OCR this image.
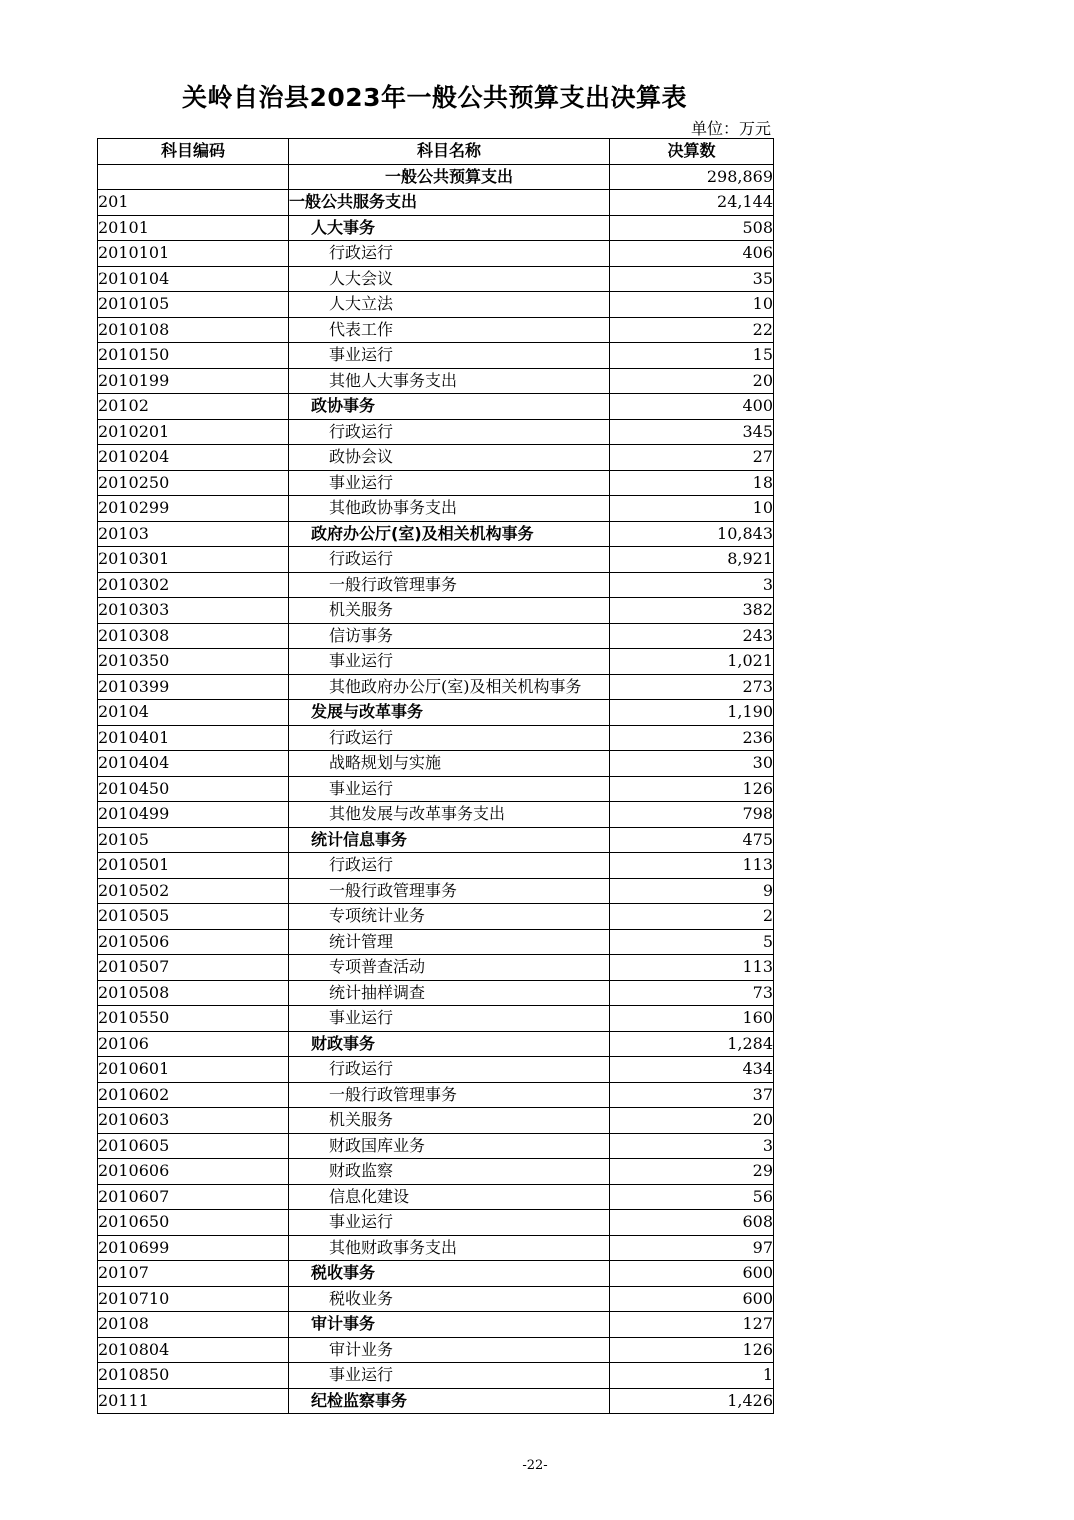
关岭自治县2023年一般公共预算支出决算表
单位：万元
科目编码	科目名称	决算数
	一般公共预算支出	298,869
201	一般公共服务支出	24,144
20101	人大事务	508
2010101	行政运行	406
2010104	人大会议	35
2010105	人大立法	10
2010108	代表工作	22
2010150	事业运行	15
2010199	其他人大事务支出	20
20102	政协事务	400
2010201	行政运行	345
2010204	政协会议	27
2010250	事业运行	18
2010299	其他政协事务支出	10
20103	政府办公厅(室)及相关机构事务	10,843
2010301	行政运行	8,921
2010302	一般行政管理事务	3
2010303	机关服务	382
2010308	信访事务	243
2010350	事业运行	1,021
2010399	其他政府办公厅(室)及相关机构事务	273
20104	发展与改革事务	1,190
2010401	行政运行	236
2010404	战略规划与实施	30
2010450	事业运行	126
2010499	其他发展与改革事务支出	798
20105	统计信息事务	475
2010501	行政运行	113
2010502	一般行政管理事务	9
2010505	专项统计业务	2
2010506	统计管理	5
2010507	专项普查活动	113
2010508	统计抽样调查	73
2010550	事业运行	160
20106	财政事务	1,284
2010601	行政运行	434
2010602	一般行政管理事务	37
2010603	机关服务	20
2010605	财政国库业务	3
2010606	财政监察	29
2010607	信息化建设	56
2010650	事业运行	608
2010699	其他财政事务支出	97
20107	税收事务	600
2010710	税收业务	600
20108	审计事务	127
2010804	审计业务	126
2010850	事业运行	1
20111	纪检监察事务	1,426
-22-
